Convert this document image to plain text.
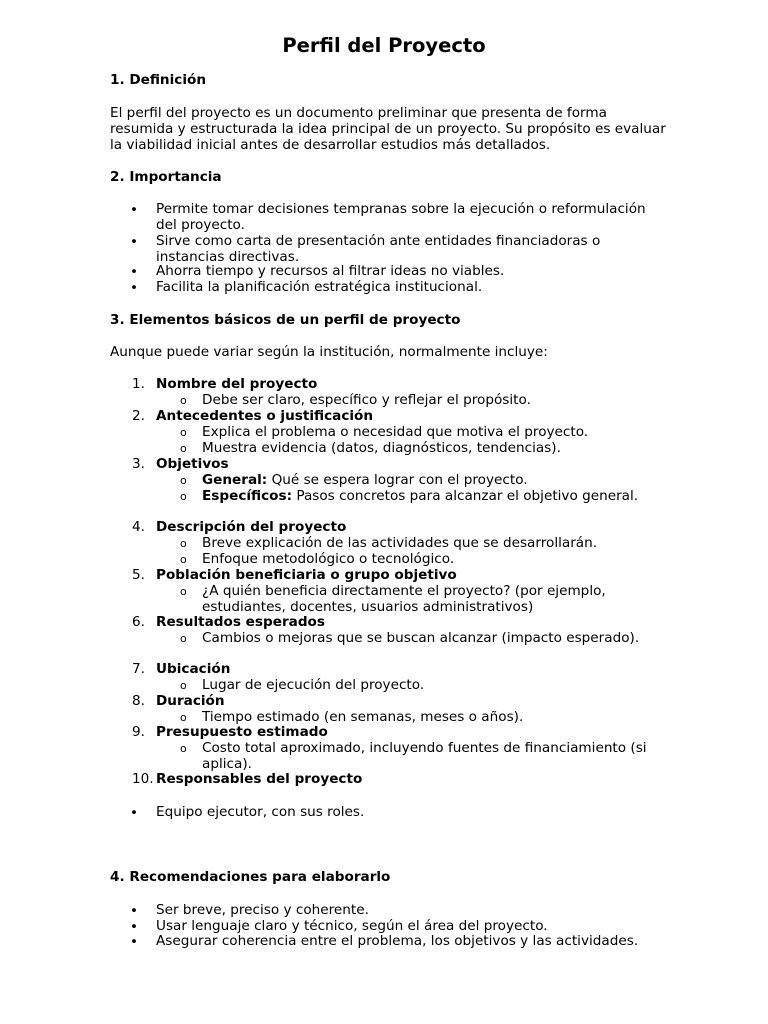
Perfil del Proyecto
1. Definición

El perfil del proyecto es un documento preliminar que presenta de forma resumida y estructurada la idea principal de un proyecto. Su propósito es evaluar la viabilidad inicial antes de desarrollar estudios más detallados.

2. Importancia
•	Permite tomar decisiones tempranas sobre la ejecución o reformulación del proyecto.

•	Sirve como carta de presentación ante entidades financiadoras o instancias directivas.

•	Ahorra tiempo y recursos al filtrar ideas no viables.

•	Facilita la planificación estratégica institucional.

3. Elementos básicos de un perfil de proyecto

Aunque puede variar según la institución, normalmente incluye:

1. Nombre del proyecto

o Debe ser claro, específico y reflejar el propósito.

2. Antecedentes o justificación

o Explica el problema o necesidad que motiva el proyecto.

o Muestra evidencia (datos, diagnósticos, tendencias).

3. Objetivos

o General: Qué se espera lograr con el proyecto.

o Específicos: Pasos concretos para alcanzar el objetivo general.

4. Descripción del proyecto

o Breve explicación de las actividades que se desarrollarán.

o Enfoque metodológico o tecnológico.

5. Población beneficiaria o grupo objetivo

o ¿A quién beneficia directamente el proyecto? (por ejemplo, estudiantes, docentes, usuarios administrativos)

6. Resultados esperados

o Cambios o mejoras que se buscan alcanzar (impacto esperado).

7. Ubicación

o Lugar de ejecución del proyecto.

8. Duración

o Tiempo estimado (en semanas, meses o años).

9. Presupuesto estimado

o Costo total aproximado, incluyendo fuentes de financiamiento (si aplica).

10. Responsables del proyecto

•	Equipo ejecutor, con sus roles.

4. Recomendaciones para elaborarlo
•	Ser breve, preciso y coherente.

•	Usar lenguaje claro y técnico, según el área del proyecto.

•	Asegurar coherencia entre el problema, los objetivos y las actividades.
